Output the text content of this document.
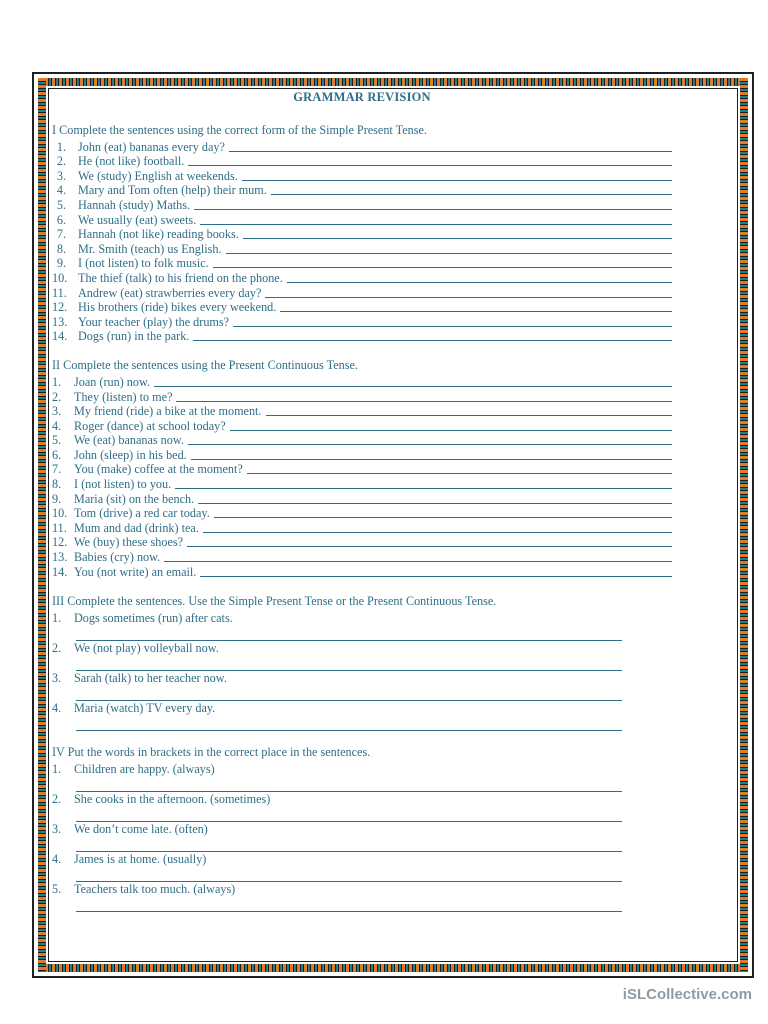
GRAMMAR REVISION
I Complete the sentences using the correct form of the Simple Present Tense.
1. John (eat) bananas every day?
2. He (not like) football.
3. We (study) English at weekends.
4. Mary and Tom often (help) their mum.
5. Hannah (study) Maths.
6. We usually (eat) sweets.
7. Hannah (not like) reading books.
8. Mr. Smith (teach) us English.
9. I (not listen) to folk music.
10. The thief (talk) to his friend on the phone.
11. Andrew (eat) strawberries every day?
12. His brothers (ride) bikes every weekend.
13. Your teacher (play) the drums?
14. Dogs (run) in the park.
II Complete the sentences using the Present Continuous Tense.
1. Joan (run) now.
2. They (listen) to me?
3. My friend (ride) a bike at the moment.
4. Roger (dance) at school today?
5. We (eat) bananas now.
6. John (sleep) in his bed.
7. You (make) coffee at the moment?
8. I (not listen) to you.
9. Maria (sit) on the bench.
10. Tom (drive) a red car today.
11. Mum and dad (drink) tea.
12. We (buy) these shoes?
13. Babies (cry) now.
14. You (not write) an email.
III Complete the sentences. Use the Simple Present Tense or the Present Continuous Tense.
1. Dogs sometimes (run) after cats.
2. We (not play) volleyball now.
3. Sarah (talk) to her teacher now.
4. Maria (watch) TV every day.
IV Put the words in brackets in the correct place in the sentences.
1. Children are happy. (always)
2. She cooks in the afternoon. (sometimes)
3. We don’t come late. (often)
4. James is at home. (usually)
5. Teachers talk too much. (always)
iSLCollective.com
